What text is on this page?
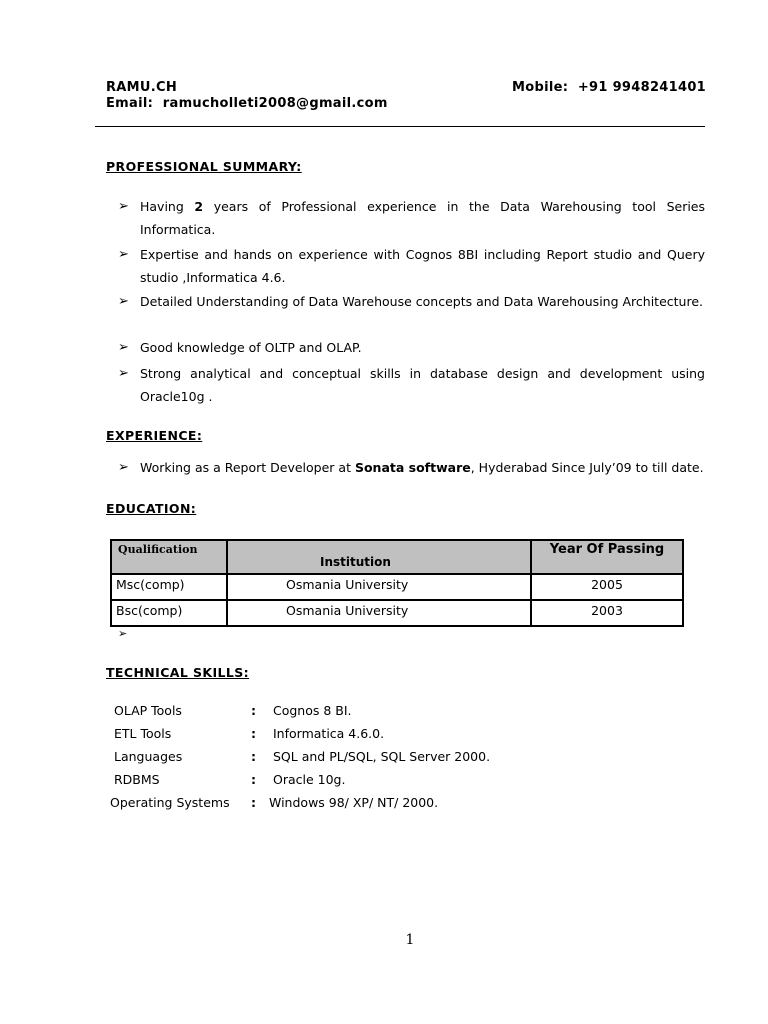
RAMU.CH
Email: ramucholleti2008@gmail.com
Mobile: +91 9948241401
PROFESSIONAL SUMMARY:
➢ Having 2 years of Professional experience in the Data Warehousing tool Series Informatica.
➢ Expertise and hands on experience with Cognos 8BI including Report studio and Query studio ,Informatica 4.6.
➢ Detailed Understanding of Data Warehouse concepts and Data Warehousing Architecture.
➢ Good knowledge of OLTP and OLAP.
➢ Strong analytical and conceptual skills in database design and development using Oracle10g .
EXPERIENCE:
➢ Working as a Report Developer at Sonata software, Hyderabad Since July’09 to till date.
EDUCATION:
Qualification	Institution	Year Of Passing

Msc(comp)	Osmania University	2005

Bsc(comp)	Osmania University	2003
➢
TECHNICAL SKILLS:
OLAP Tools	: Cognos 8 BI.
ETL Tools	: Informatica 4.6.0.
Languages	: SQL and PL/SQL, SQL Server 2000.
RDBMS	: Oracle 10g.
Operating Systems : Windows 98/ XP/ NT/ 2000.
1
